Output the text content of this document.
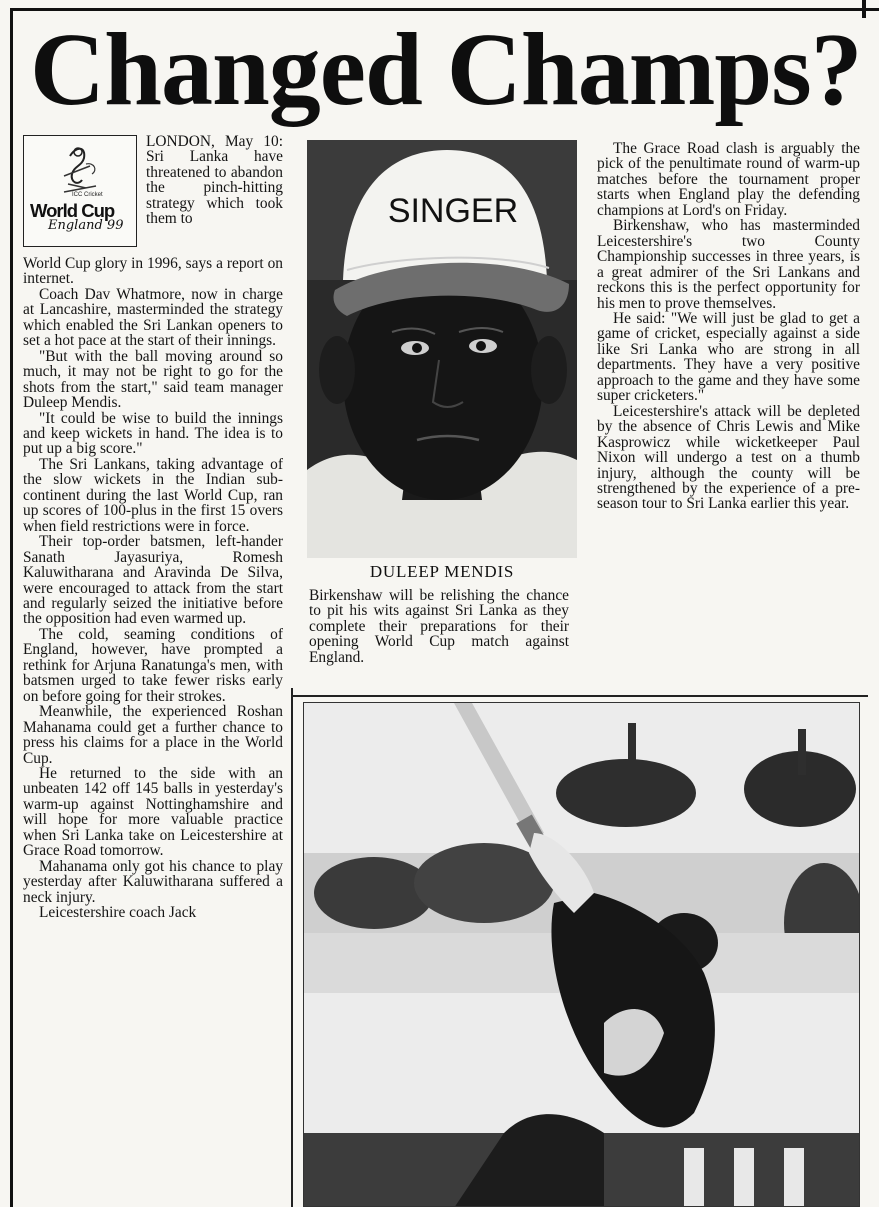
Changed Champs?
ICC Cricket
World Cup
England 99

LONDON, May 10: Sri Lanka have threatened to abandon the pinch-hitting strategy which took them to

World Cup glory in 1996, says a report on internet.

Coach Dav Whatmore, now in charge at Lancashire, masterminded the strategy which enabled the Sri Lankan openers to set a hot pace at the start of their innings.

"But with the ball moving around so much, it may not be right to go for the shots from the start," said team manager Duleep Mendis.

"It could be wise to build the innings and keep wickets in hand. The idea is to put up a big score."

The Sri Lankans, taking advantage of the slow wickets in the Indian sub-continent during the last World Cup, ran up scores of 100-plus in the first 15 overs when field restrictions were in force.

Their top-order batsmen, left-hander Sanath Jayasuriya, Romesh Kaluwitharana and Aravinda De Silva, were encouraged to attack from the start and regularly seized the initiative before the opposition had even warmed up.

The cold, seaming conditions of England, however, have prompted a rethink for Arjuna Ranatunga's men, with batsmen urged to take fewer risks early on before going for their strokes.

Meanwhile, the experienced Roshan Mahanama could get a further chance to press his claims for a place in the World Cup.

He returned to the side with an unbeaten 142 off 145 balls in yesterday's warm-up against Nottinghamshire and will hope for more valuable practice when Sri Lanka take on Leicestershire at Grace Road tomorrow.

Mahanama only got his chance to play yesterday after Kaluwitharana suffered a neck injury.

Leicestershire coach Jack

SINGER

DULEEP MENDIS

Birkenshaw will be relishing the chance to pit his wits against Sri Lanka as they complete their preparations for their opening World Cup match against England.

The Grace Road clash is arguably the pick of the penultimate round of warm-up matches before the tournament proper starts when England play the defending champions at Lord's on Friday.

Birkenshaw, who has masterminded Leicestershire's two County Championship successes in three years, is a great admirer of the Sri Lankans and reckons this is the perfect opportunity for his men to prove themselves.

He said: "We will just be glad to get a game of cricket, especially against a side like Sri Lanka who are strong in all departments. They have a very positive approach to the game and they have some super cricketers."

Leicestershire's attack will be depleted by the absence of Chris Lewis and Mike Kasprowicz while wicketkeeper Paul Nixon will undergo a test on a thumb injury, although the county will be strengthened by the experience of a pre-season tour to Sri Lanka earlier this year.
